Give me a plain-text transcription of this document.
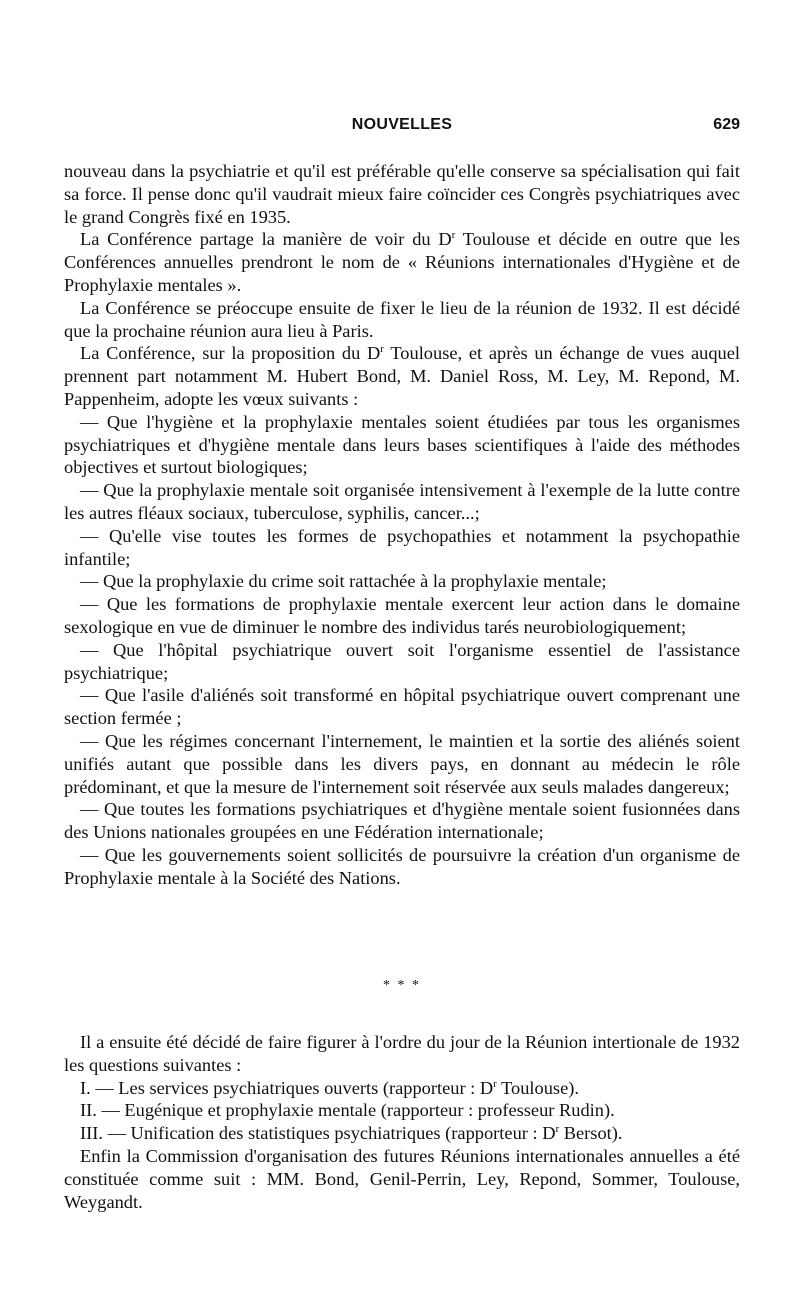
NOUVELLES	629

nouveau dans la psychiatrie et qu'il est préférable qu'elle conserve sa spécialisation qui fait sa force. Il pense donc qu'il vaudrait mieux faire coïncider ces Congrès psychiatriques avec le grand Congrès fixé en 1935.

La Conférence partage la manière de voir du $D^r$ Toulouse et décide en outre que les Conférences annuelles prendront le nom de « Réunions internationales d'Hygiène et de Prophylaxie mentales ».

La Conférence se préoccupe ensuite de fixer le lieu de la réunion de 1932. Il est décidé que la prochaine réunion aura lieu à Paris.

La Conférence, sur la proposition du $D^r$ Toulouse, et après un échange de vues auquel prennent part notamment M. Hubert Bond, M. Daniel Ross, M. Ley, M. Repond, M. Pappenheim, adopte les vœux suivants :

— Que l'hygiène et la prophylaxie mentales soient étudiées par tous les organismes psychiatriques et d'hygiène mentale dans leurs bases scientifiques à l'aide des méthodes objectives et surtout biologiques;

— Que la prophylaxie mentale soit organisée intensivement à l'exemple de la lutte contre les autres fléaux sociaux, tuberculose, syphilis, cancer...;

— Qu'elle vise toutes les formes de psychopathies et notamment la psychopathie infantile;

— Que la prophylaxie du crime soit rattachée à la prophylaxie mentale;

— Que les formations de prophylaxie mentale exercent leur action dans le domaine sexologique en vue de diminuer le nombre des individus tarés neurobiologiquement;

— Que l'hôpital psychiatrique ouvert soit l'organisme essentiel de l'assistance psychiatrique;

— Que l'asile d'aliénés soit transformé en hôpital psychiatrique ouvert comprenant une section fermée ;

— Que les régimes concernant l'internement, le maintien et la sortie des aliénés soient unifiés autant que possible dans les divers pays, en donnant au médecin le rôle prédominant, et que la mesure de l'internement soit réservée aux seuls malades dangereux;

— Que toutes les formations psychiatriques et d'hygiène mentale soient fusionnées dans des Unions nationales groupées en une Fédération internationale;

— Que les gouvernements soient sollicités de poursuivre la création d'un organisme de Prophylaxie mentale à la Société des Nations.

* * *

Il a ensuite été décidé de faire figurer à l'ordre du jour de la Réunion intertionale de 1932 les questions suivantes :

I. — Les services psychiatriques ouverts (rapporteur : $D^r$ Toulouse).

II. — Eugénique et prophylaxie mentale (rapporteur : professeur Rudin).

III. — Unification des statistiques psychiatriques (rapporteur : $D^r$ Bersot).

Enfin la Commission d'organisation des futures Réunions internationales annuelles a été constituée comme suit : MM. Bond, Genil-Perrin, Ley, Repond, Sommer, Toulouse, Weygandt.
